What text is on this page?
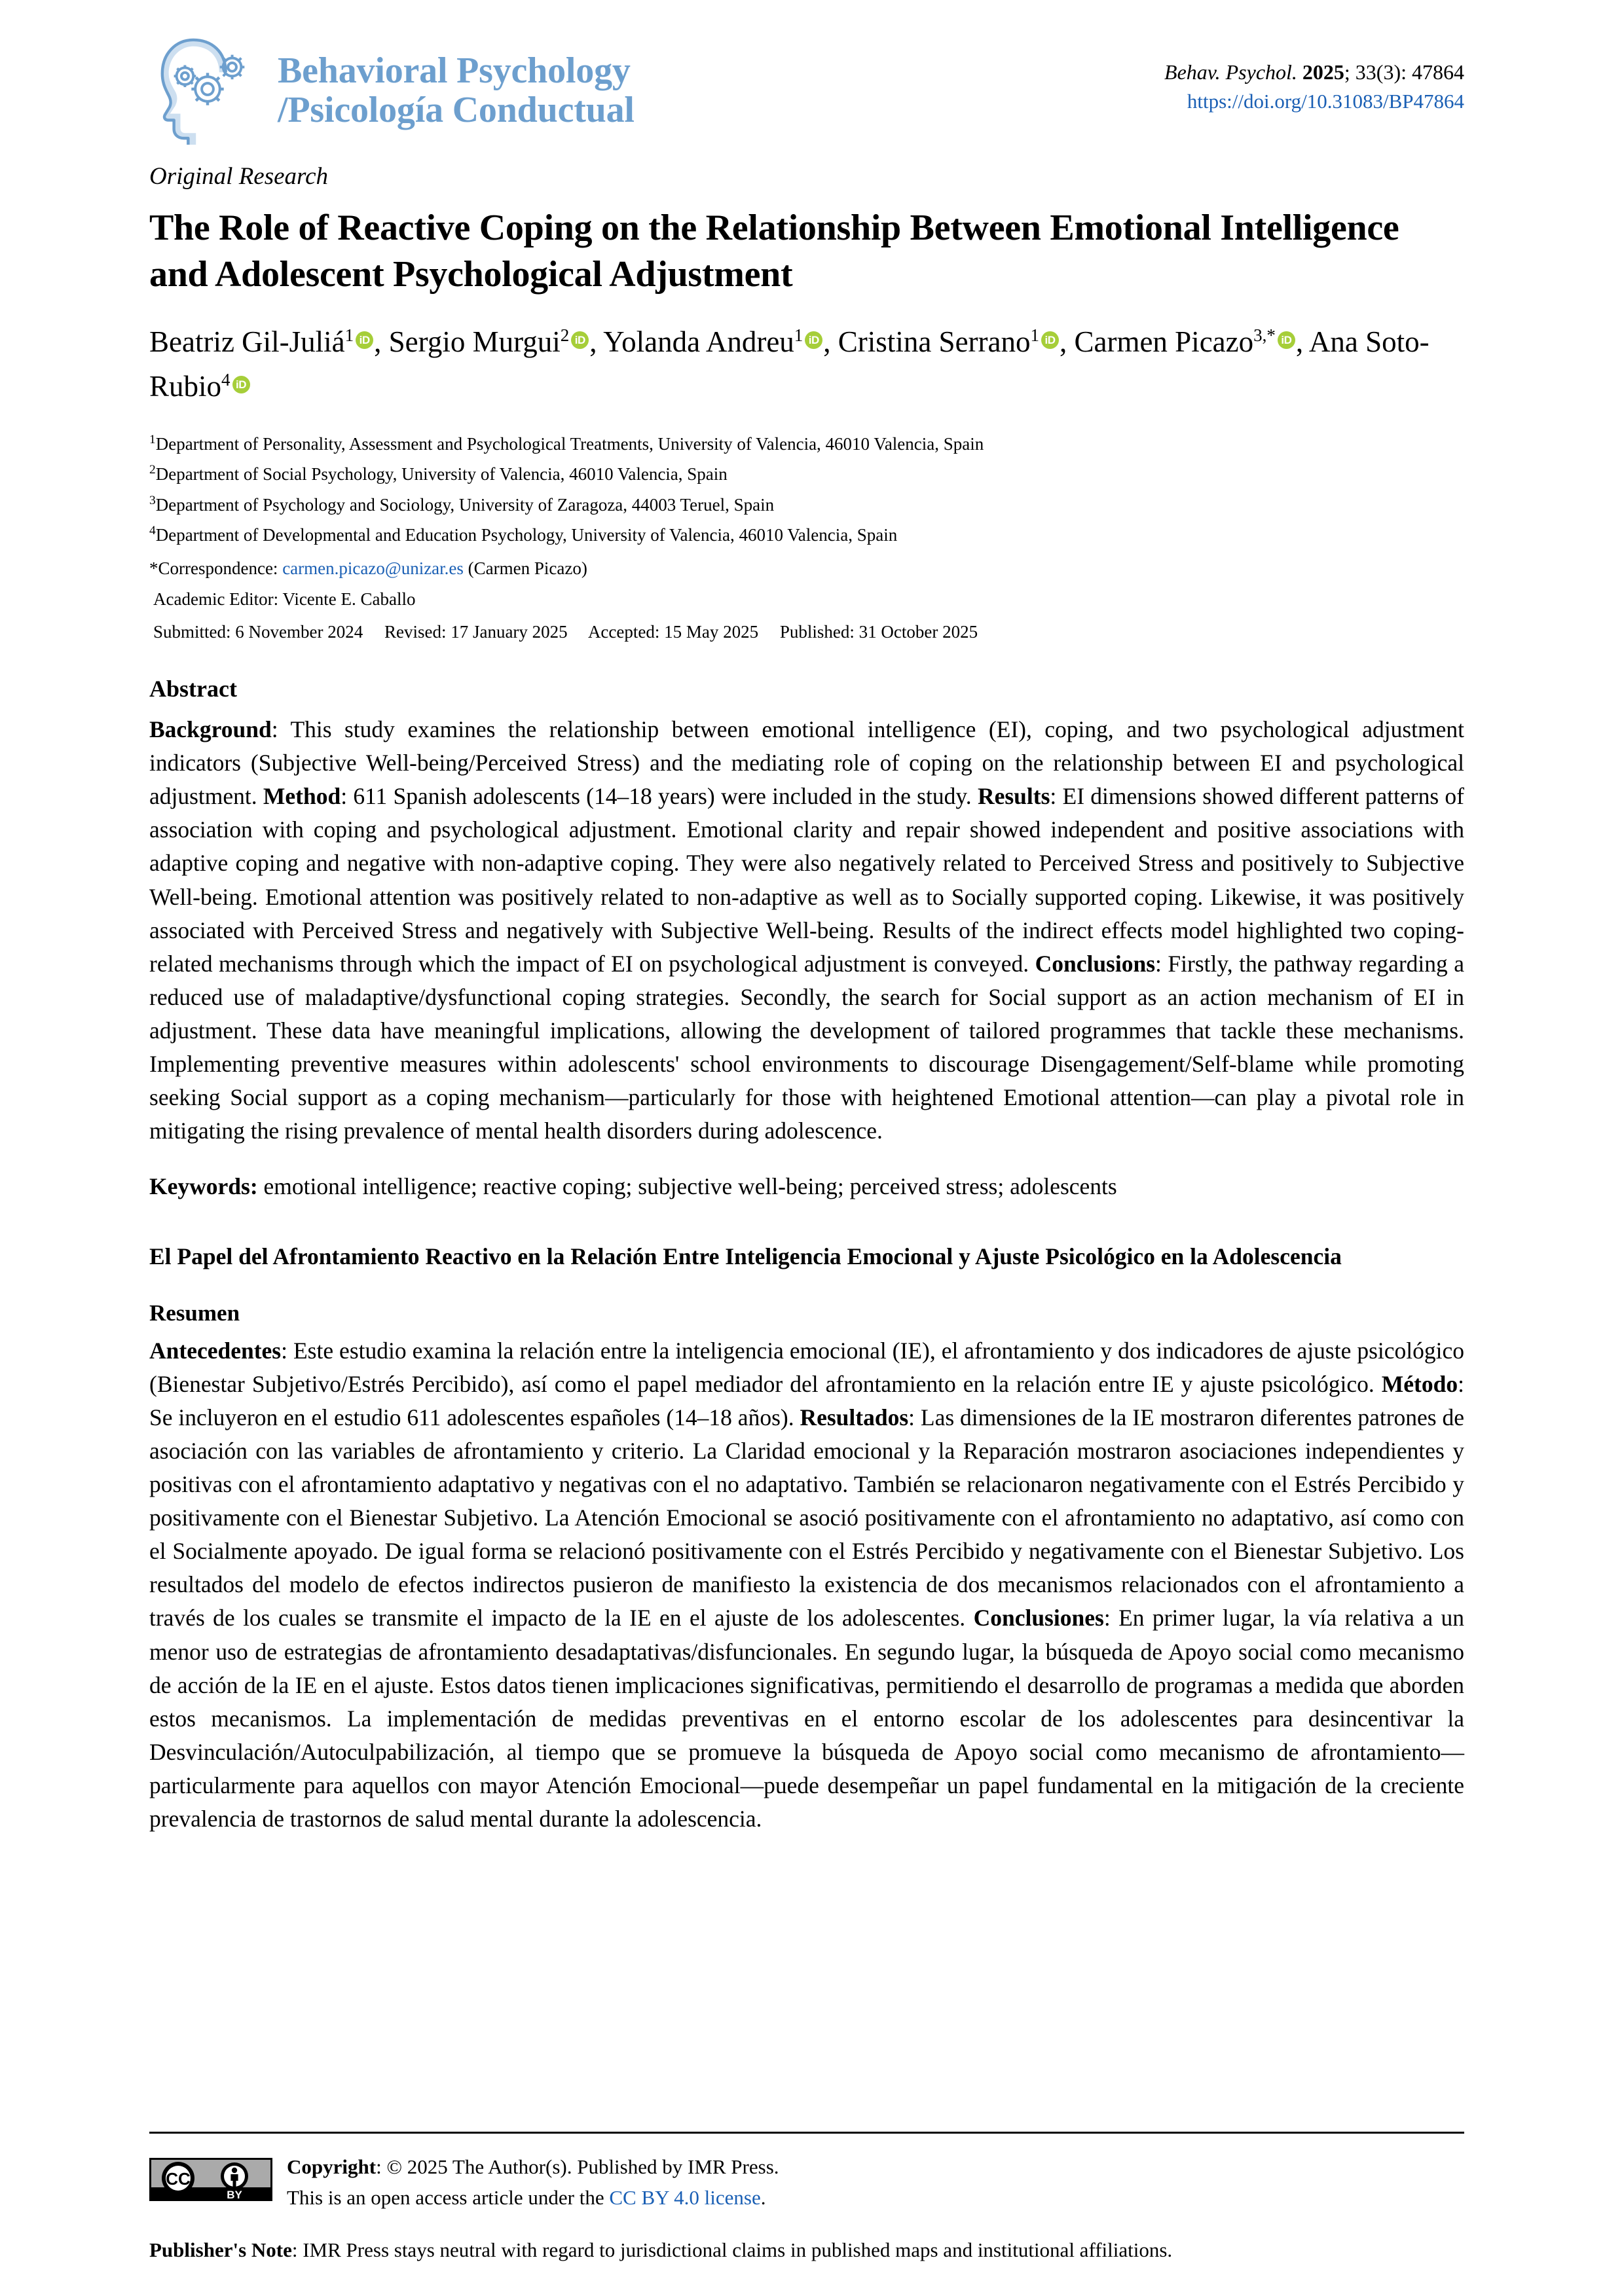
Behavioral Psychology
/Psicología Conductual
Behav. Psychol. 2025; 33(3): 47864
https://doi.org/10.31083/BP47864
Original Research
The Role of Reactive Coping on the Relationship Between Emotional Intelligence and Adolescent Psychological Adjustment
Beatriz Gil-Juliá$^1$ iD , Sergio Murgui$^2$ iD , Yolanda Andreu$^1$ iD , Cristina Serrano$^1$ iD , Carmen Picazo$^{3,*}$ iD , Ana Soto-Rubio$^4$ iD
$^1$Department of Personality, Assessment and Psychological Treatments, University of Valencia, 46010 Valencia, Spain
$^2$Department of Social Psychology, University of Valencia, 46010 Valencia, Spain
$^3$Department of Psychology and Sociology, University of Zaragoza, 44003 Teruel, Spain
$^4$Department of Developmental and Education Psychology, University of Valencia, 46010 Valencia, Spain
*Correspondence: carmen.picazo@unizar.es (Carmen Picazo)
Academic Editor: Vicente E. Caballo
Submitted: 6 November 2024 Revised: 17 January 2025 Accepted: 15 May 2025 Published: 31 October 2025
Abstract
Background: This study examines the relationship between emotional intelligence (EI), coping, and two psychological adjustment indicators (Subjective Well-being/Perceived Stress) and the mediating role of coping on the relationship between EI and psychological adjustment. Method: 611 Spanish adolescents (14–18 years) were included in the study. Results: EI dimensions showed different patterns of association with coping and psychological adjustment. Emotional clarity and repair showed independent and positive associations with adaptive coping and negative with non-adaptive coping. They were also negatively related to Perceived Stress and positively to Subjective Well-being. Emotional attention was positively related to non-adaptive as well as to Socially supported coping. Likewise, it was positively associated with Perceived Stress and negatively with Subjective Well-being. Results of the indirect effects model highlighted two coping-related mechanisms through which the impact of EI on psychological adjustment is conveyed. Conclusions: Firstly, the pathway regarding a reduced use of maladaptive/dysfunctional coping strategies. Secondly, the search for Social support as an action mechanism of EI in adjustment. These data have meaningful implications, allowing the development of tailored programmes that tackle these mechanisms. Implementing preventive measures within adolescents' school environments to discourage Disengagement/Self-blame while promoting seeking Social support as a coping mechanism—particularly for those with heightened Emotional attention—can play a pivotal role in mitigating the rising prevalence of mental health disorders during adolescence.
Keywords: emotional intelligence; reactive coping; subjective well-being; perceived stress; adolescents
El Papel del Afrontamiento Reactivo en la Relación Entre Inteligencia Emocional y Ajuste Psicológico en la Adolescencia
Resumen
Antecedentes: Este estudio examina la relación entre la inteligencia emocional (IE), el afrontamiento y dos indicadores de ajuste psicológico (Bienestar Subjetivo/Estrés Percibido), así como el papel mediador del afrontamiento en la relación entre IE y ajuste psicológico. Método: Se incluyeron en el estudio 611 adolescentes españoles (14–18 años). Resultados: Las dimensiones de la IE mostraron diferentes patrones de asociación con las variables de afrontamiento y criterio. La Claridad emocional y la Reparación mostraron asociaciones independientes y positivas con el afrontamiento adaptativo y negativas con el no adaptativo. También se relacionaron negativamente con el Estrés Percibido y positivamente con el Bienestar Subjetivo. La Atención Emocional se asoció positivamente con el afrontamiento no adaptativo, así como con el Socialmente apoyado. De igual forma se relacionó positivamente con el Estrés Percibido y negativamente con el Bienestar Subjetivo. Los resultados del modelo de efectos indirectos pusieron de manifiesto la existencia de dos mecanismos relacionados con el afrontamiento a través de los cuales se transmite el impacto de la IE en el ajuste de los adolescentes. Conclusiones: En primer lugar, la vía relativa a un menor uso de estrategias de afrontamiento desadaptativas/disfuncionales. En segundo lugar, la búsqueda de Apoyo social como mecanismo de acción de la IE en el ajuste. Estos datos tienen implicaciones significativas, permitiendo el desarrollo de programas a medida que aborden estos mecanismos. La implementación de medidas preventivas en el entorno escolar de los adolescentes para desincentivar la Desvinculación/Autoculpabilización, al tiempo que se promueve la búsqueda de Apoyo social como mecanismo de afrontamiento—particularmente para aquellos con mayor Atención Emocional—puede desempeñar un papel fundamental en la mitigación de la creciente prevalencia de trastornos de salud mental durante la adolescencia.
CC
BY
Copyright: © 2025 The Author(s). Published by IMR Press.
This is an open access article under the CC BY 4.0 license.
Publisher's Note: IMR Press stays neutral with regard to jurisdictional claims in published maps and institutional affiliations.
